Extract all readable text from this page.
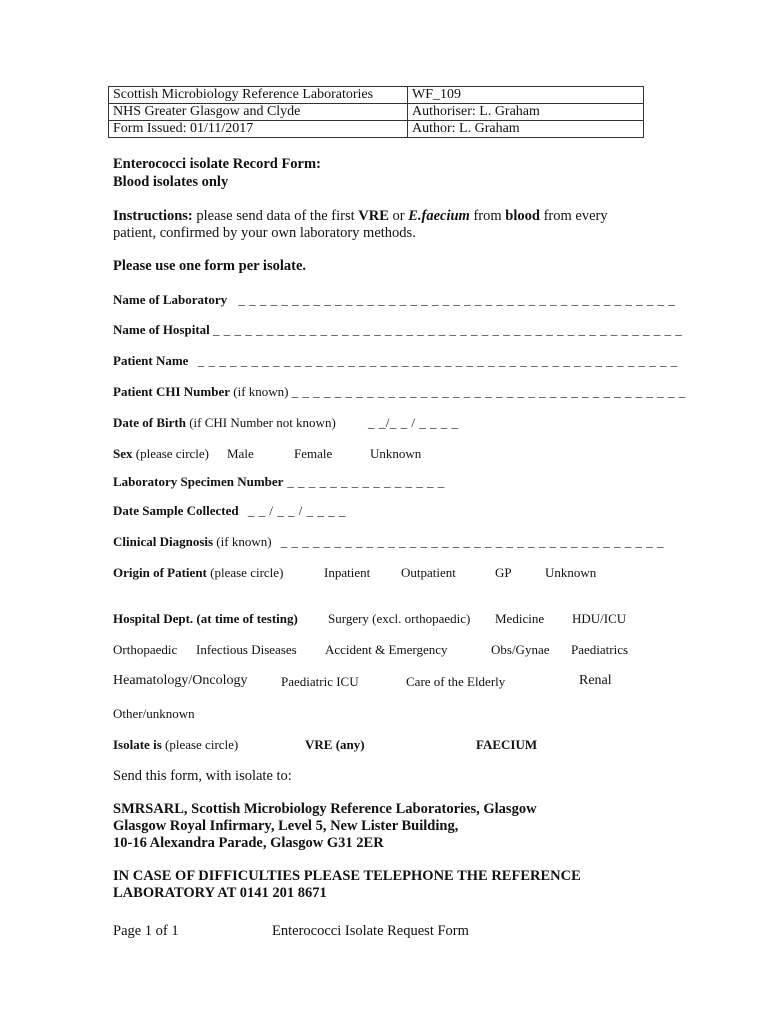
Scottish Microbiology Reference Laboratories	WF_109
NHS Greater Glasgow and Clyde	Authoriser: L. Graham
Form Issued: 01/11/2017	Author: L. Graham
Enterococci isolate Record Form:
Blood isolates only
Instructions: please send data of the first VRE or E.faecium from blood from every
patient, confirmed by your own laboratory methods.
Please use one form per isolate.
Name of Laboratory _ _ _ _ _ _ _ _ _ _ _ _ _ _ _ _ _ _ _ _ _ _ _ _ _ _ _ _ _ _ _ _ _ _ _ _ _ _ _ _ _
Name of Hospital _ _ _ _ _ _ _ _ _ _ _ _ _ _ _ _ _ _ _ _ _ _ _ _ _ _ _ _ _ _ _ _ _ _ _ _ _ _ _ _ _ _ _ _
Patient Name _ _ _ _ _ _ _ _ _ _ _ _ _ _ _ _ _ _ _ _ _ _ _ _ _ _ _ _ _ _ _ _ _ _ _ _ _ _ _ _ _ _ _ _ _
Patient CHI Number (if known) _ _ _ _ _ _ _ _ _ _ _ _ _ _ _ _ _ _ _ _ _ _ _ _ _ _ _ _ _ _ _ _ _ _ _ _ _
Date of Birth (if CHI Number not known) _ _/_ _ / _ _ _ _
Sex (please circle) Male	Female	Unknown
Laboratory Specimen Number _ _ _ _ _ _ _ _ _ _ _ _ _ _ _
Date Sample Collected _ _ / _ _ / _ _ _ _
Clinical Diagnosis (if known) _ _ _ _ _ _ _ _ _ _ _ _ _ _ _ _ _ _ _ _ _ _ _ _ _ _ _ _ _ _ _ _ _ _ _ _
Origin of Patient (please circle)	Inpatient Outpatient	GP	Unknown
Hospital Dept. (at time of testing) Surgery (excl. orthopaedic) Medicine HDU/ICU
Orthopaedic Infectious Diseases Accident & Emergency	Obs/Gynae Paediatrics
Heamatology/Oncology	Paediatric ICU	Care of the Elderly	Renal
Other/unknown
Isolate is (please circle)	VRE (any)	FAECIUM
Send this form, with isolate to:
SMRSARL, Scottish Microbiology Reference Laboratories, Glasgow
Glasgow Royal Infirmary, Level 5, New Lister Building,
10-16 Alexandra Parade, Glasgow G31 2ER
IN CASE OF DIFFICULTIES PLEASE TELEPHONE THE REFERENCE
LABORATORY AT 0141 201 8671
Page 1 of 1	Enterococci Isolate Request Form
